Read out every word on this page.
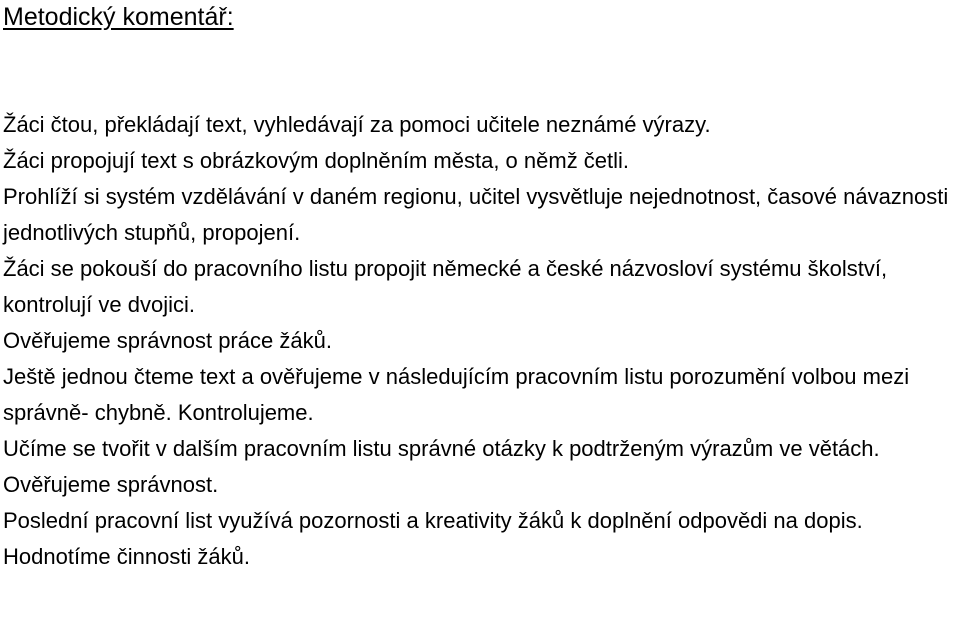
Metodický komentář:

Žáci čtou, překládají text, vyhledávají za pomoci učitele neznámé výrazy.

Žáci propojují text s obrázkovým doplněním města, o němž četli.

Prohlíží si systém vzdělávání v daném regionu, učitel vysvětluje nejednotnost, časové návaznosti jednotlivých stupňů, propojení.

Žáci se pokouší do pracovního listu propojit německé a české názvosloví systému školství, kontrolují ve dvojici.

Ověřujeme správnost práce žáků.

Ještě jednou čteme text a ověřujeme v následujícím pracovním listu porozumění volbou mezi správně- chybně. Kontrolujeme.

Učíme se tvořit v dalším pracovním listu správné otázky k podtrženým výrazům ve větách. Ověřujeme správnost.

Poslední pracovní list využívá pozornosti a kreativity žáků k doplnění odpovědi na dopis.

Hodnotíme činnosti žáků.
